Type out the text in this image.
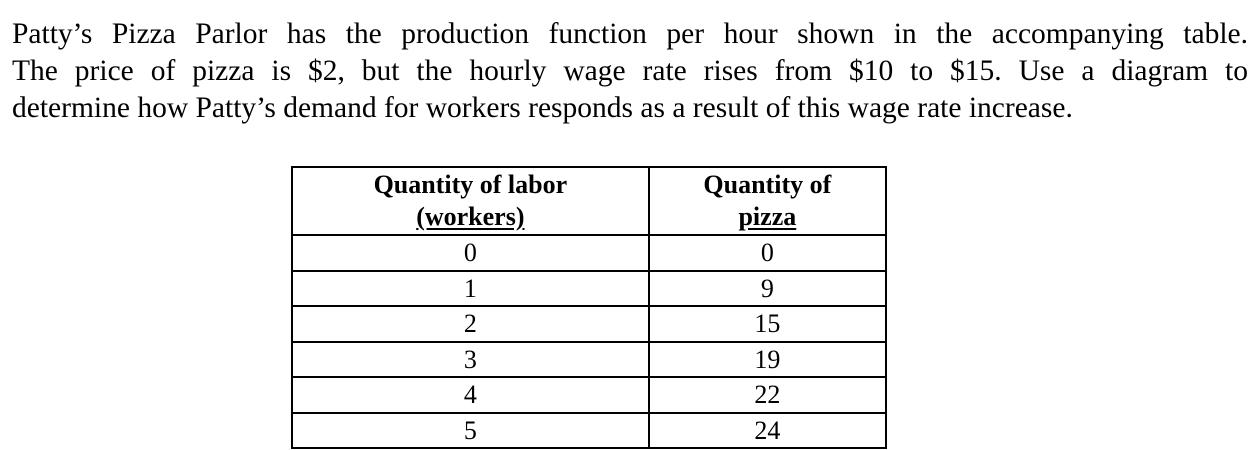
Patty’s Pizza Parlor has the production function per hour shown in the accompanying table.
The price of pizza is $2, but the hourly wage rate rises from $10 to $15. Use a diagram to
determine how Patty’s demand for workers responds as a result of this wage rate increase.

Quantity of labor
(workers)	Quantity of
pizza

0	0
1	9
2	15
3	19
4	22
5	24
